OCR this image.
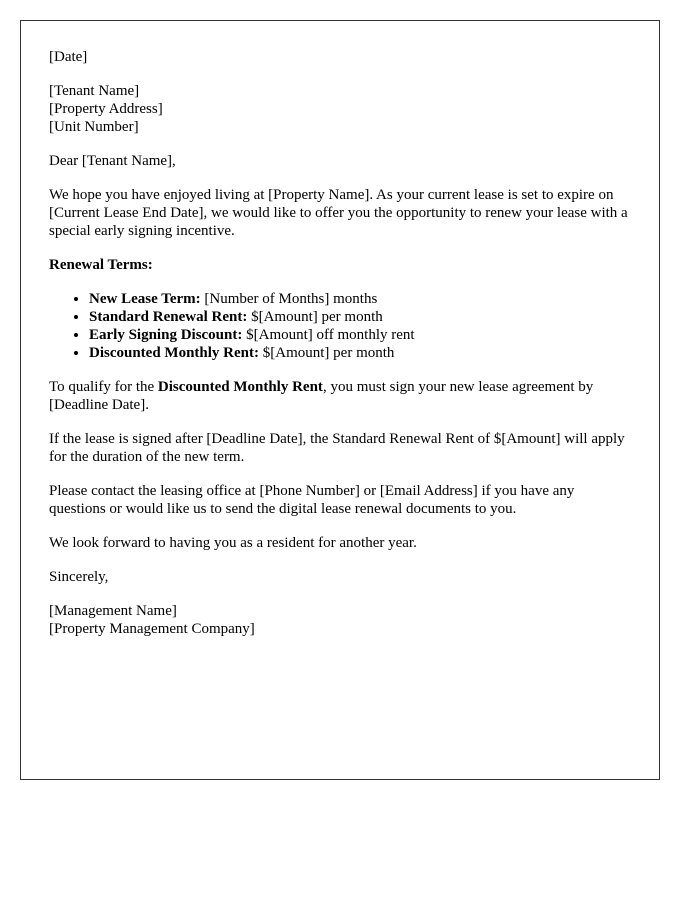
[Date]
[Tenant Name]
[Property Address]
[Unit Number]
Dear [Tenant Name],
We hope you have enjoyed living at [Property Name]. As your current lease is set to expire on [Current Lease End Date], we would like to offer you the opportunity to renew your lease with a special early signing incentive.
Renewal Terms:
• New Lease Term: [Number of Months] months
• Standard Renewal Rent: $[Amount] per month
• Early Signing Discount: $[Amount] off monthly rent
• Discounted Monthly Rent: $[Amount] per month
To qualify for the Discounted Monthly Rent, you must sign your new lease agreement by [Deadline Date].
If the lease is signed after [Deadline Date], the Standard Renewal Rent of $[Amount] will apply for the duration of the new term.
Please contact the leasing office at [Phone Number] or [Email Address] if you have any questions or would like us to send the digital lease renewal documents to you.
We look forward to having you as a resident for another year.
Sincerely,
[Management Name]
[Property Management Company]
